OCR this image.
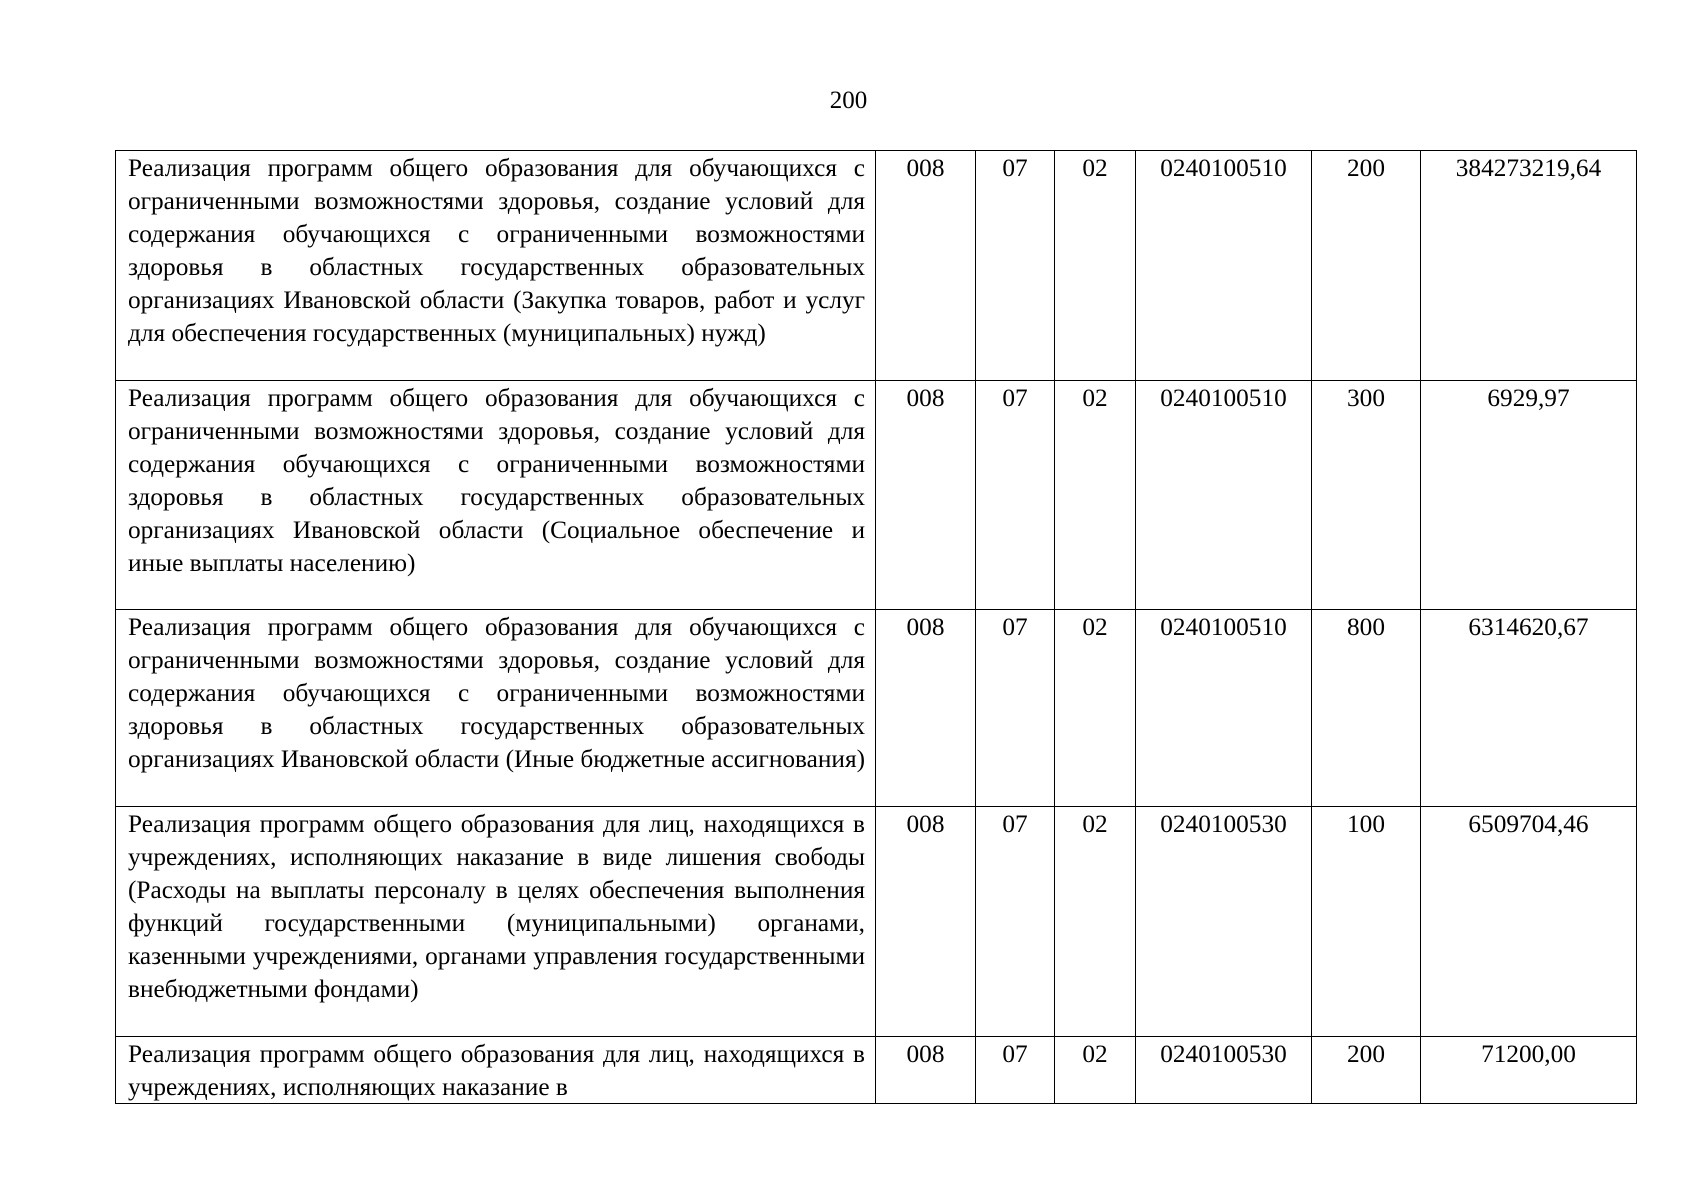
200
Реализация программ общего образования для обучающихся с ограниченными возможностями здоровья, создание условий для содержания обучающихся с ограниченными возможностями здоровья в областных государственных образовательных организациях Ивановской области (Закупка товаров, работ и услуг для обеспечения государственных (муниципальных) нужд)	008	07	02	0240100510	200	384273219,64
Реализация программ общего образования для обучающихся с ограниченными возможностями здоровья, создание условий для содержания обучающихся с ограниченными возможностями здоровья в областных государственных образовательных организациях Ивановской области (Социальное обеспечение и иные выплаты населению)	008	07	02	0240100510	300	6929,97
Реализация программ общего образования для обучающихся с ограниченными возможностями здоровья, создание условий для содержания обучающихся с ограниченными возможностями здоровья в областных государственных образовательных организациях Ивановской области (Иные бюджетные ассигнования)	008	07	02	0240100510	800	6314620,67
Реализация программ общего образования для лиц, находящихся в учреждениях, исполняющих наказание в виде лишения свободы (Расходы на выплаты персоналу в целях обеспечения выполнения функций государственными (муниципальными) органами, казенными учреждениями, органами управления государственными внебюджетными фондами)	008	07	02	0240100530	100	6509704,46

Реализация программ общего образования для лиц, находящихся в учреждениях, исполняющих наказание в	008	07	02	0240100530	200	71200,00
